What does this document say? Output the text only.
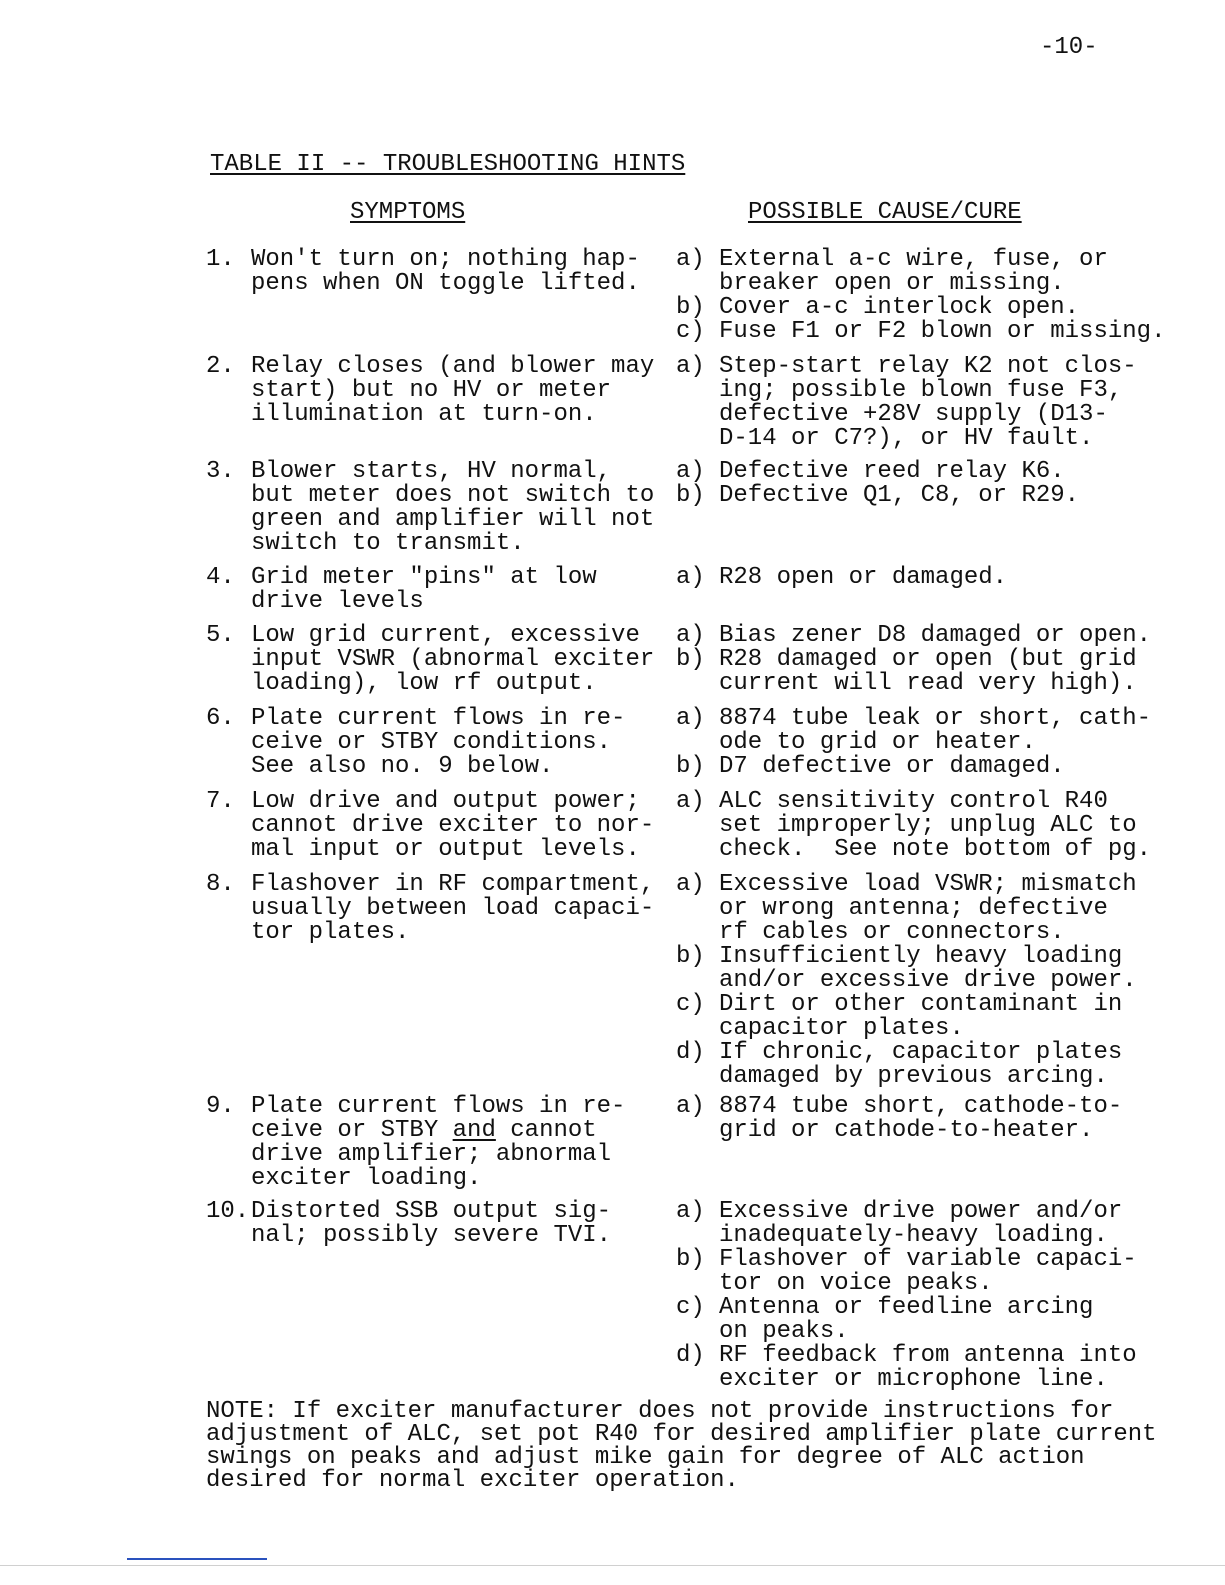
-10-
TABLE II -- TROUBLESHOOTING HINTS
SYMPTOMS	POSSIBLE CAUSE/CURE
1. Won't turn on; nothing hap-
pens when ON toggle lifted.
a) External a-c wire, fuse, or
breaker open or missing.
b) Cover a-c interlock open.
c) Fuse F1 or F2 blown or missing.
2. Relay closes (and blower may
start) but no HV or meter
illumination at turn-on.
a) Step-start relay K2 not clos-
ing; possible blown fuse F3,
defective +28V supply (D13-
D-14 or C7?), or HV fault.
3. Blower starts, HV normal,
but meter does not switch to
green and amplifier will not
switch to transmit.
a) Defective reed relay K6.
b) Defective Q1, C8, or R29.
4. Grid meter "pins" at low
drive levels
a) R28 open or damaged.
5. Low grid current, excessive
input VSWR (abnormal exciter
loading), low rf output.
a) Bias zener D8 damaged or open.
b) R28 damaged or open (but grid
current will read very high).
6. Plate current flows in re-
ceive or STBY conditions.
See also no. 9 below.
a) 8874 tube leak or short, cath-
ode to grid or heater.
b) D7 defective or damaged.
7. Low drive and output power;
cannot drive exciter to nor-
mal input or output levels.
a) ALC sensitivity control R40
set improperly; unplug ALC to
check.  See note bottom of pg.
8. Flashover in RF compartment,
usually between load capaci-
tor plates.
a) Excessive load VSWR; mismatch
or wrong antenna; defective
rf cables or connectors.
b) Insufficiently heavy loading
and/or excessive drive power.
c) Dirt or other contaminant in
capacitor plates.
d) If chronic, capacitor plates
damaged by previous arcing.
9. Plate current flows in re-
ceive or STBY and cannot
drive amplifier; abnormal
exciter loading.
a) 8874 tube short, cathode-to-
grid or cathode-to-heater.
10. Distorted SSB output sig-
nal; possibly severe TVI.
a) Excessive drive power and/or
inadequately-heavy loading.
b) Flashover of variable capaci-
tor on voice peaks.
c) Antenna or feedline arcing
on peaks.
d) RF feedback from antenna into
exciter or microphone line.
NOTE: If exciter manufacturer does not provide instructions for
adjustment of ALC, set pot R40 for desired amplifier plate current
swings on peaks and adjust mike gain for degree of ALC action
desired for normal exciter operation.
